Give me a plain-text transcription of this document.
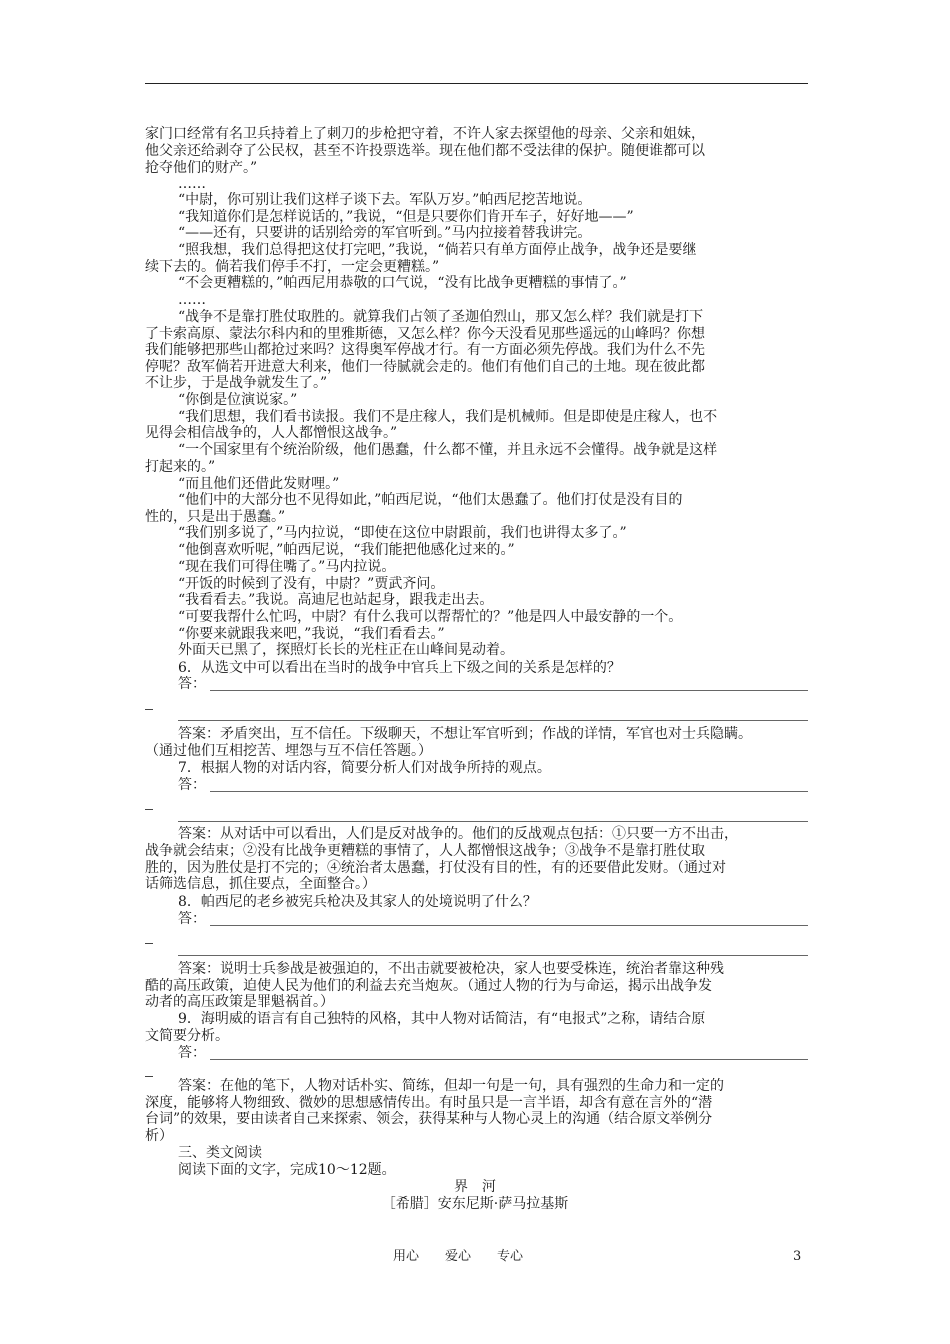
家门口经常有名卫兵持着上了刺刀的步枪把守着，不许人家去探望他的母亲、父亲和姐妹，
他父亲还给剥夺了公民权，甚至不许投票选举。现在他们都不受法律的保护。随便谁都可以
抢夺他们的财产。”
……
“中尉，你可别让我们这样子谈下去。军队万岁。”帕西尼挖苦地说。
“我知道你们是怎样说话的，”我说，“但是只要你们肯开车子，好好地——”
“——还有，只要讲的话别给旁的军官听到。”马内拉接着替我讲完。
“照我想，我们总得把这仗打完吧，”我说，“倘若只有单方面停止战争，战争还是要继
续下去的。倘若我们停手不打，一定会更糟糕。”
“不会更糟糕的，”帕西尼用恭敬的口气说，“没有比战争更糟糕的事情了。”
……
“战争不是靠打胜仗取胜的。就算我们占领了圣迦伯烈山，那又怎么样？我们就是打下
了卡索高原、蒙法尔科内和的里雅斯德，又怎么样？你今天没看见那些遥远的山峰吗？你想
我们能够把那些山都抢过来吗？这得奥军停战才行。有一方面必须先停战。我们为什么不先
停呢？敌军倘若开进意大利来，他们一待腻就会走的。他们有他们自己的土地。现在彼此都
不让步，于是战争就发生了。”
“你倒是位演说家。”
“我们思想，我们看书读报。我们不是庄稼人，我们是机械师。但是即使是庄稼人，也不
见得会相信战争的，人人都憎恨这战争。”
“一个国家里有个统治阶级，他们愚蠢，什么都不懂，并且永远不会懂得。战争就是这样
打起来的。”
“而且他们还借此发财哩。”
“他们中的大部分也不见得如此，”帕西尼说，“他们太愚蠢了。他们打仗是没有目的
性的，只是出于愚蠢。”
“我们别多说了，”马内拉说，“即使在这位中尉跟前，我们也讲得太多了。”
“他倒喜欢听呢，”帕西尼说，“我们能把他感化过来的。”
“现在我们可得住嘴了。”马内拉说。
“开饭的时候到了没有，中尉？”贾武齐问。
“我看看去。”我说。高迪尼也站起身，跟我走出去。
“可要我帮什么忙吗，中尉？有什么我可以帮帮忙的？”他是四人中最安静的一个。
“你要来就跟我来吧，”我说，“我们看看去。”
外面天已黑了，探照灯长长的光柱正在山峰间晃动着。
6．从选文中可以看出在当时的战争中官兵上下级之间的关系是怎样的？
答：
答案：矛盾突出，互不信任。下级聊天，不想让军官听到；作战的详情，军官也对士兵隐瞒。
（通过他们互相挖苦、埋怨与互不信任答题。）
7．根据人物的对话内容，简要分析人们对战争所持的观点。
答：
答案：从对话中可以看出，人们是反对战争的。他们的反战观点包括：①只要一方不出击，
战争就会结束；②没有比战争更糟糕的事情了，人人都憎恨这战争；③战争不是靠打胜仗取
胜的，因为胜仗是打不完的；④统治者太愚蠢，打仗没有目的性，有的还要借此发财。（通过对
话筛选信息，抓住要点，全面整合。）
8．帕西尼的老乡被宪兵枪决及其家人的处境说明了什么？
答：
答案：说明士兵参战是被强迫的，不出击就要被枪决，家人也要受株连，统治者靠这种残
酷的高压政策，迫使人民为他们的利益去充当炮灰。（通过人物的行为与命运，揭示出战争发
动者的高压政策是罪魁祸首。）
9．海明威的语言有自己独特的风格，其中人物对话简洁，有“电报式”之称，请结合原
文简要分析。
答：
答案：在他的笔下，人物对话朴实、简练，但却一句是一句，具有强烈的生命力和一定的
深度，能够将人物细致、微妙的思想感情传出。有时虽只是一言半语，却含有意在言外的“潜
台词”的效果，要由读者自己来探索、领会，获得某种与人物心灵上的沟通（结合原文举例分
析）
三、类文阅读
阅读下面的文字，完成10～12题。
界　河
［希腊］安东尼斯·萨马拉基斯
用心　　爱心　　专心	3
